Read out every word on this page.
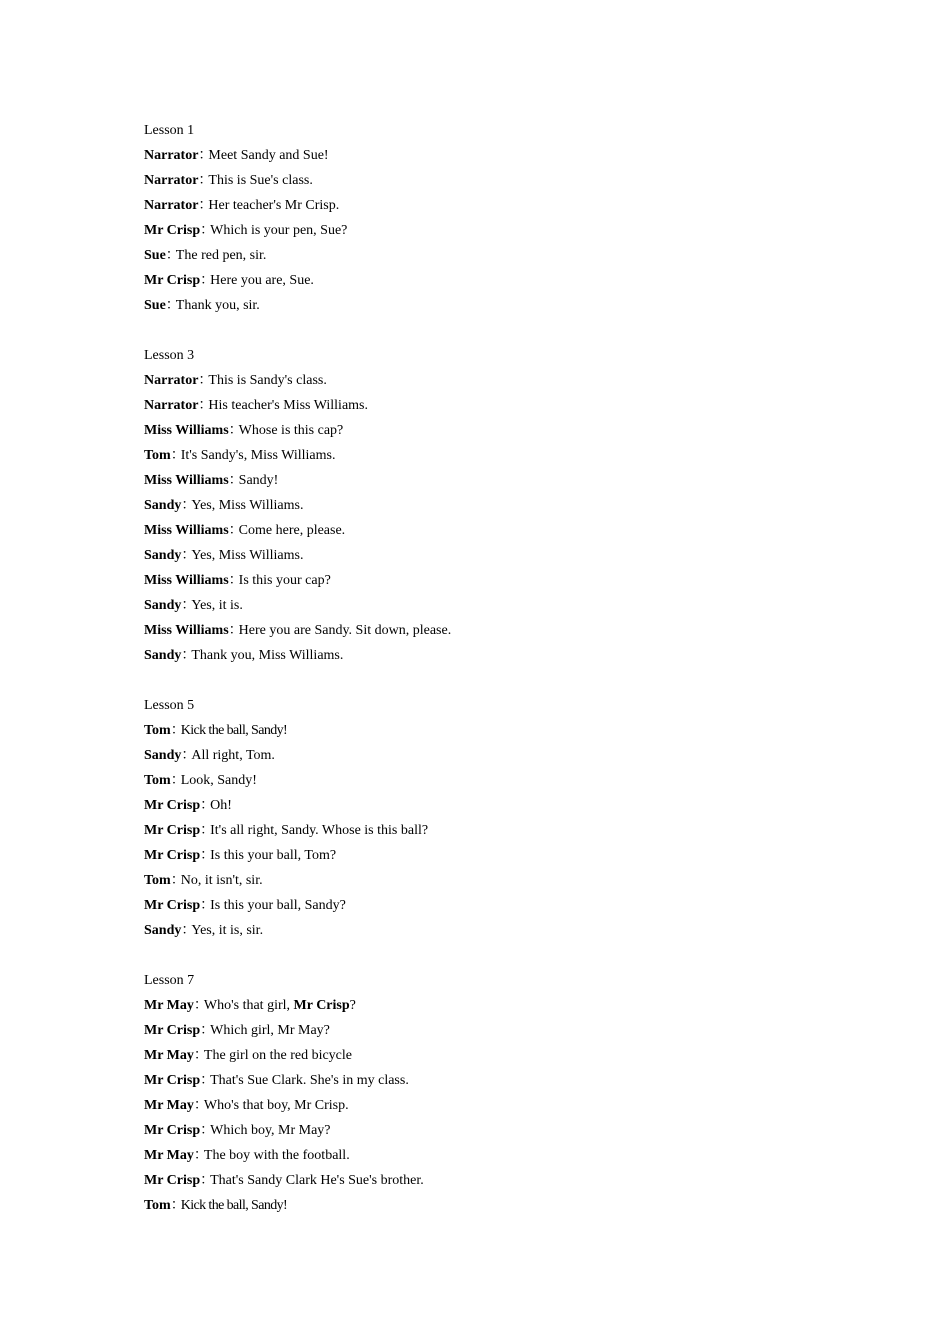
Lesson 1
Narrator：Meet Sandy and Sue!
Narrator：This is Sue's class.
Narrator：Her teacher's Mr Crisp.
Mr Crisp：Which is your pen, Sue?
Sue：The red pen, sir.
Mr Crisp：Here you are, Sue.
Sue：Thank you, sir.
Lesson 3
Narrator：This is Sandy's class.
Narrator：His teacher's Miss Williams.
Miss Williams：Whose is this cap?
Tom：It's Sandy's, Miss Williams.
Miss Williams：Sandy!
Sandy：Yes, Miss Williams.
Miss Williams：Come here, please.
Sandy：Yes, Miss Williams.
Miss Williams：Is this your cap?
Sandy：Yes, it is.
Miss Williams：Here you are Sandy. Sit down, please.
Sandy：Thank you, Miss Williams.
Lesson 5
Tom：Kick the ball, Sandy!
Sandy：All right, Tom.
Tom：Look, Sandy!
Mr Crisp：Oh!
Mr Crisp：It's all right, Sandy. Whose is this ball?
Mr Crisp：Is this your ball, Tom?
Tom：No, it isn't, sir.
Mr Crisp：Is this your ball, Sandy?
Sandy：Yes, it is, sir.
Lesson 7
Mr May：Who's that girl, Mr Crisp?
Mr Crisp：Which girl, Mr May?
Mr May：The girl on the red bicycle
Mr Crisp：That's Sue Clark. She's in my class.
Mr May：Who's that boy, Mr Crisp.
Mr Crisp：Which boy, Mr May?
Mr May：The boy with the football.
Mr Crisp：That's Sandy Clark He's Sue's brother.
Tom：Kick the ball, Sandy!
